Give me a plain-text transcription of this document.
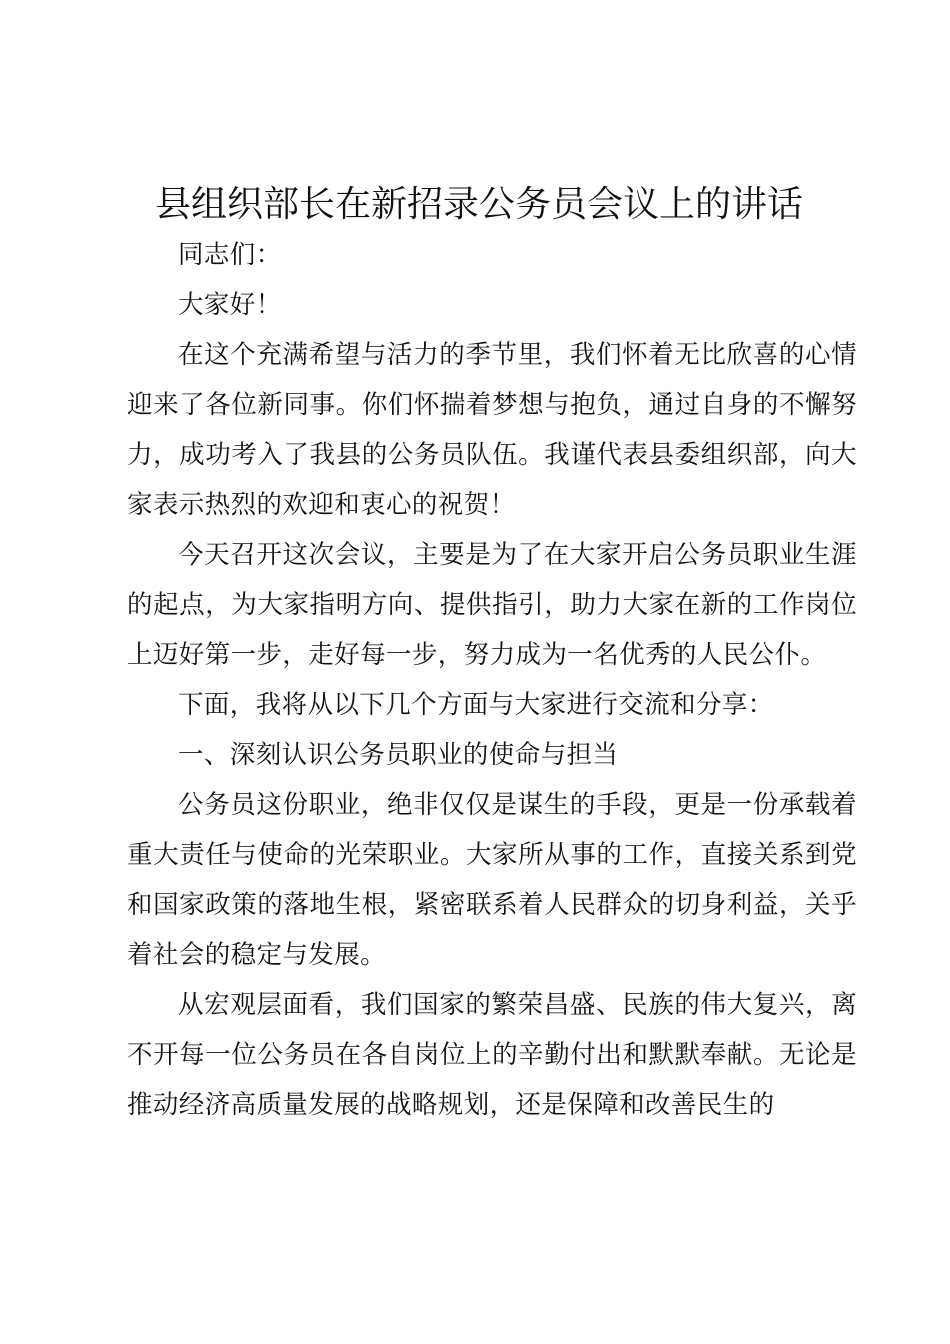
县组织部长在新招录公务员会议上的讲话

同志们：

大家好！

在这个充满希望与活力的季节里，我们怀着无比欣喜的心情迎来了各位新同事。你们怀揣着梦想与抱负，通过自身的不懈努力，成功考入了我县的公务员队伍。我谨代表县委组织部，向大家表示热烈的欢迎和衷心的祝贺！

今天召开这次会议，主要是为了在大家开启公务员职业生涯的起点，为大家指明方向、提供指引，助力大家在新的工作岗位上迈好第一步，走好每一步，努力成为一名优秀的人民公仆。

下面，我将从以下几个方面与大家进行交流和分享：

一、深刻认识公务员职业的使命与担当

公务员这份职业，绝非仅仅是谋生的手段，更是一份承载着重大责任与使命的光荣职业。大家所从事的工作，直接关系到党和国家政策的落地生根，紧密联系着人民群众的切身利益，关乎着社会的稳定与发展。

从宏观层面看，我们国家的繁荣昌盛、民族的伟大复兴，离不开每一位公务员在各自岗位上的辛勤付出和默默奉献。无论是推动经济高质量发展的战略规划，还是保障和改善民生的
